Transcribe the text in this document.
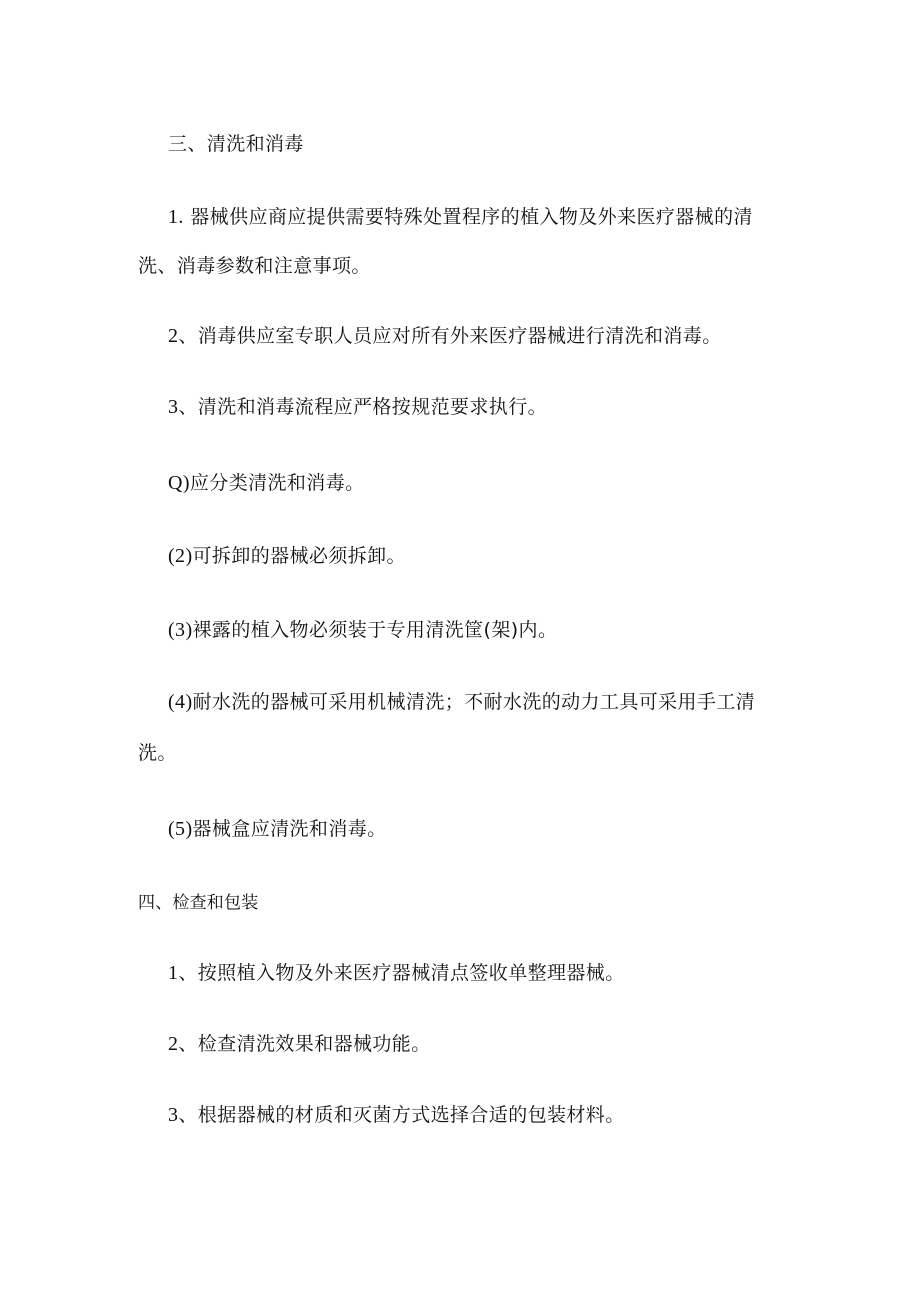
三、清洗和消毒
1. 器械供应商应提供需要特殊处置程序的植入物及外来医疗器械的清
洗、消毒参数和注意事项。
2、消毒供应室专职人员应对所有外来医疗器械进行清洗和消毒。
3、清洗和消毒流程应严格按规范要求执行。
Q)应分类清洗和消毒。
(2)可拆卸的器械必须拆卸。
(3)裸露的植入物必须装于专用清洗筐(架)内。
(4)耐水洗的器械可采用机械清洗；不耐水洗的动力工具可采用手工清
洗。
(5)器械盒应清洗和消毒。
四、检查和包装
1、按照植入物及外来医疗器械清点签收单整理器械。
2、检查清洗效果和器械功能。
3、根据器械的材质和灭菌方式选择合适的包装材料。
